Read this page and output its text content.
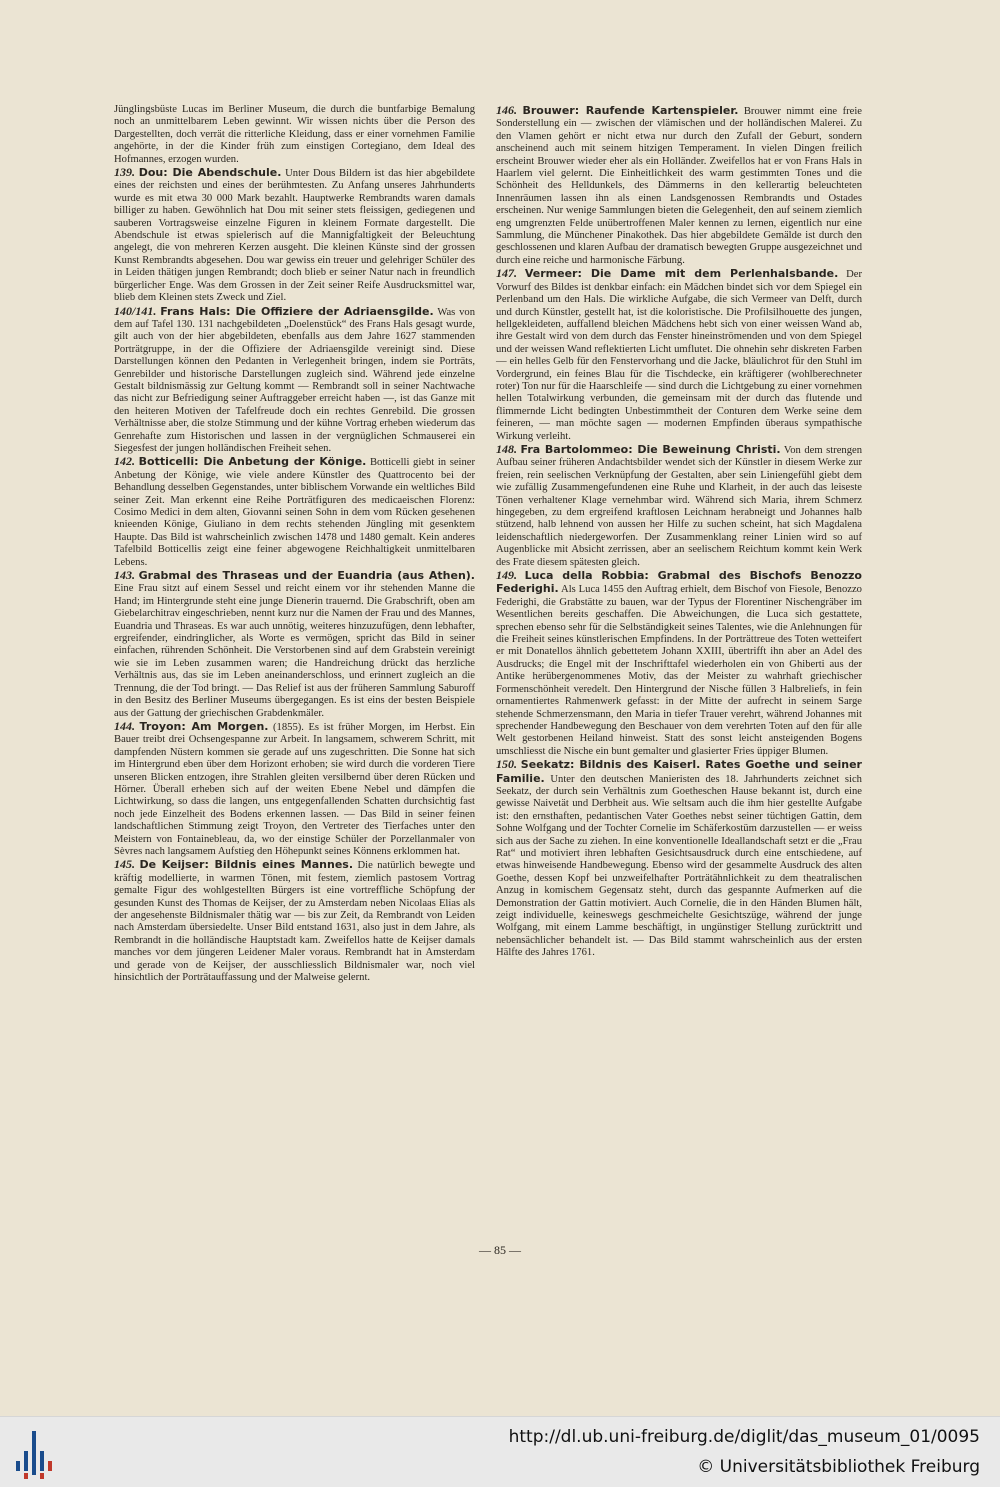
Jünglingsbüste Lucas im Berliner Museum, die durch die buntfarbige Bemalung noch an unmittelbarem Leben gewinnt. Wir wissen nichts über die Person des Dargestellten, doch verrät die ritterliche Kleidung, dass er einer vornehmen Familie angehörte, in der die Kinder früh zum einstigen Cortegiano, dem Ideal des Hofmannes, erzogen wurden.

139. Dou: Die Abendschule. Unter Dous Bildern ist das hier abgebildete eines der reichsten und eines der berühmtesten. Zu Anfang unseres Jahrhunderts wurde es mit etwa 30 000 Mark bezahlt. Hauptwerke Rembrandts waren damals billiger zu haben. Gewöhnlich hat Dou mit seiner stets fleissigen, gediegenen und sauberen Vortragsweise einzelne Figuren in kleinem Formate dargestellt. Die Abendschule ist etwas spielerisch auf die Mannigfaltigkeit der Beleuchtung angelegt, die von mehreren Kerzen ausgeht. Die kleinen Künste sind der grossen Kunst Rembrandts abgesehen. Dou war gewiss ein treuer und gelehriger Schüler des in Leiden thätigen jungen Rembrandt; doch blieb er seiner Natur nach in freundlich bürgerlicher Enge. Was dem Grossen in der Zeit seiner Reife Ausdrucksmittel war, blieb dem Kleinen stets Zweck und Ziel.

140/141. Frans Hals: Die Offiziere der Adriaensgilde. Was von dem auf Tafel 130. 131 nachgebildeten „Doelenstück“ des Frans Hals gesagt wurde, gilt auch von der hier abgebildeten, ebenfalls aus dem Jahre 1627 stammenden Porträtgruppe, in der die Offiziere der Adriaensgilde vereinigt sind. Diese Darstellungen können den Pedanten in Verlegenheit bringen, indem sie Porträts, Genrebilder und historische Darstellungen zugleich sind. Während jede einzelne Gestalt bildnismässig zur Geltung kommt — Rembrandt soll in seiner Nachtwache das nicht zur Befriedigung seiner Auftraggeber erreicht haben —, ist das Ganze mit den heiteren Motiven der Tafelfreude doch ein rechtes Genrebild. Die grossen Verhältnisse aber, die stolze Stimmung und der kühne Vortrag erheben wiederum das Genrehafte zum Historischen und lassen in der vergnüglichen Schmauserei ein Siegesfest der jungen holländischen Freiheit sehen.

142. Botticelli: Die Anbetung der Könige. Botticelli giebt in seiner Anbetung der Könige, wie viele andere Künstler des Quattrocento bei der Behandlung desselben Gegenstandes, unter biblischem Vorwande ein weltliches Bild seiner Zeit. Man erkennt eine Reihe Porträtfiguren des medicaeischen Florenz: Cosimo Medici in dem alten, Giovanni seinen Sohn in dem vom Rücken gesehenen knieenden Könige, Giuliano in dem rechts stehenden Jüngling mit gesenktem Haupte. Das Bild ist wahrscheinlich zwischen 1478 und 1480 gemalt. Kein anderes Tafelbild Botticellis zeigt eine feiner abgewogene Reichhaltigkeit unmittelbaren Lebens.

143. Grabmal des Thraseas und der Euandria (aus Athen). Eine Frau sitzt auf einem Sessel und reicht einem vor ihr stehenden Manne die Hand; im Hintergrunde steht eine junge Dienerin trauernd. Die Grabschrift, oben am Giebelarchitrav eingeschrieben, nennt kurz nur die Namen der Frau und des Mannes, Euandria und Thraseas. Es war auch unnötig, weiteres hinzuzufügen, denn lebhafter, ergreifender, eindringlicher, als Worte es vermögen, spricht das Bild in seiner einfachen, rührenden Schönheit. Die Verstorbenen sind auf dem Grabstein vereinigt wie sie im Leben zusammen waren; die Handreichung drückt das herzliche Verhältnis aus, das sie im Leben aneinanderschloss, und erinnert zugleich an die Trennung, die der Tod bringt. — Das Relief ist aus der früheren Sammlung Saburoff in den Besitz des Berliner Museums übergegangen. Es ist eins der besten Beispiele aus der Gattung der griechischen Grabdenkmäler.

144. Troyon: Am Morgen. (1855). Es ist früher Morgen, im Herbst. Ein Bauer treibt drei Ochsengespanne zur Arbeit. In langsamem, schwerem Schritt, mit dampfenden Nüstern kommen sie gerade auf uns zugeschritten. Die Sonne hat sich im Hintergrund eben über dem Horizont erhoben; sie wird durch die vorderen Tiere unseren Blicken entzogen, ihre Strahlen gleiten versilbernd über deren Rücken und Hörner. Überall erheben sich auf der weiten Ebene Nebel und dämpfen die Lichtwirkung, so dass die langen, uns entgegenfallenden Schatten durchsichtig fast noch jede Einzelheit des Bodens erkennen lassen. — Das Bild in seiner feinen landschaftlichen Stimmung zeigt Troyon, den Vertreter des Tierfaches unter den Meistern von Fontainebleau, da, wo der einstige Schüler der Porzellanmaler von Sèvres nach langsamem Aufstieg den Höhepunkt seines Könnens erklommen hat.

145. De Keijser: Bildnis eines Mannes. Die natürlich bewegte und kräftig modellierte, in warmen Tönen, mit festem, ziemlich pastosem Vortrag gemalte Figur des wohlgestellten Bürgers ist eine vortreffliche Schöpfung der gesunden Kunst des Thomas de Keijser, der zu Amsterdam neben Nicolaas Elias als der angesehenste Bildnismaler thätig war — bis zur Zeit, da Rembrandt von Leiden nach Amsterdam übersiedelte. Unser Bild entstand 1631, also just in dem Jahre, als Rembrandt in die holländische Hauptstadt kam. Zweifellos hatte de Keijser damals manches vor dem jüngeren Leidener Maler voraus. Rembrandt hat in Amsterdam und gerade von de Keijser, der ausschliesslich Bildnismaler war, noch viel hinsichtlich der Porträtauffassung und der Malweise gelernt.

146. Brouwer: Raufende Kartenspieler. Brouwer nimmt eine freie Sonderstellung ein — zwischen der vlämischen und der holländischen Malerei. Zu den Vlamen gehört er nicht etwa nur durch den Zufall der Geburt, sondern anscheinend auch mit seinem hitzigen Temperament. In vielen Dingen freilich erscheint Brouwer wieder eher als ein Holländer. Zweifellos hat er von Frans Hals in Haarlem viel gelernt. Die Einheitlichkeit des warm gestimmten Tones und die Schönheit des Helldunkels, des Dämmerns in den kellerartig beleuchteten Innenräumen lassen ihn als einen Landsgenossen Rembrandts und Ostades erscheinen. Nur wenige Sammlungen bieten die Gelegenheit, den auf seinem ziemlich eng umgrenzten Felde unübertroffenen Maler kennen zu lernen, eigentlich nur eine Sammlung, die Münchener Pinakothek. Das hier abgebildete Gemälde ist durch den geschlossenen und klaren Aufbau der dramatisch bewegten Gruppe ausgezeichnet und durch eine reiche und harmonische Färbung.

147. Vermeer: Die Dame mit dem Perlenhalsbande. Der Vorwurf des Bildes ist denkbar einfach: ein Mädchen bindet sich vor dem Spiegel ein Perlenband um den Hals. Die wirkliche Aufgabe, die sich Vermeer van Delft, durch und durch Künstler, gestellt hat, ist die koloristische. Die Profilsilhouette des jungen, hellgekleideten, auffallend bleichen Mädchens hebt sich von einer weissen Wand ab, ihre Gestalt wird von dem durch das Fenster hineinströmenden und von dem Spiegel und der weissen Wand reflektierten Licht umflutet. Die ohnehin sehr diskreten Farben — ein helles Gelb für den Fenstervorhang und die Jacke, bläulichrot für den Stuhl im Vordergrund, ein feines Blau für die Tischdecke, ein kräftigerer (wohlberechneter roter) Ton nur für die Haarschleife — sind durch die Lichtgebung zu einer vornehmen hellen Totalwirkung verbunden, die gemeinsam mit der durch das flutende und flimmernde Licht bedingten Unbestimmtheit der Conturen dem Werke seine dem feineren, — man möchte sagen — modernen Empfinden überaus sympathische Wirkung verleiht.

148. Fra Bartolommeo: Die Beweinung Christi. Von dem strengen Aufbau seiner früheren Andachtsbilder wendet sich der Künstler in diesem Werke zur freien, rein seelischen Verknüpfung der Gestalten, aber sein Liniengefühl giebt dem wie zufällig Zusammengefundenen eine Ruhe und Klarheit, in der auch das leiseste Tönen verhaltener Klage vernehmbar wird. Während sich Maria, ihrem Schmerz hingegeben, zu dem ergreifend kraftlosen Leichnam herabneigt und Johannes halb stützend, halb lehnend von aussen her Hilfe zu suchen scheint, hat sich Magdalena leidenschaftlich niedergeworfen. Der Zusammenklang reiner Linien wird so auf Augenblicke mit Absicht zerrissen, aber an seelischem Reichtum kommt kein Werk des Frate diesem spätesten gleich.

149. Luca della Robbia: Grabmal des Bischofs Benozzo Federighi. Als Luca 1455 den Auftrag erhielt, dem Bischof von Fiesole, Benozzo Federighi, die Grabstätte zu bauen, war der Typus der Florentiner Nischengräber im Wesentlichen bereits geschaffen. Die Abweichungen, die Luca sich gestattete, sprechen ebenso sehr für die Selbständigkeit seines Talentes, wie die Anlehnungen für die Freiheit seines künstlerischen Empfindens. In der Porträttreue des Toten wetteifert er mit Donatellos ähnlich gebettetem Johann XXIII, übertrifft ihn aber an Adel des Ausdrucks; die Engel mit der Inschrifttafel wiederholen ein von Ghiberti aus der Antike herübergenommenes Motiv, das der Meister zu wahrhaft griechischer Formenschönheit veredelt. Den Hintergrund der Nische füllen 3 Halbreliefs, in fein ornamentiertes Rahmenwerk gefasst: in der Mitte der aufrecht in seinem Sarge stehende Schmerzensmann, den Maria in tiefer Trauer verehrt, während Johannes mit sprechender Handbewegung den Beschauer von dem verehrten Toten auf den für alle Welt gestorbenen Heiland hinweist. Statt des sonst leicht ansteigenden Bogens umschliesst die Nische ein bunt gemalter und glasierter Fries üppiger Blumen.

150. Seekatz: Bildnis des Kaiserl. Rates Goethe und seiner Familie. Unter den deutschen Manieristen des 18. Jahrhunderts zeichnet sich Seekatz, der durch sein Verhältnis zum Goetheschen Hause bekannt ist, durch eine gewisse Naivetät und Derbheit aus. Wie seltsam auch die ihm hier gestellte Aufgabe ist: den ernsthaften, pedantischen Vater Goethes nebst seiner tüchtigen Gattin, dem Sohne Wolfgang und der Tochter Cornelie im Schäferkostüm darzustellen — er weiss sich aus der Sache zu ziehen. In eine konventionelle Ideallandschaft setzt er die „Frau Rat“ und motiviert ihren lebhaften Gesichtsausdruck durch eine entschiedene, auf etwas hinweisende Handbewegung. Ebenso wird der gesammelte Ausdruck des alten Goethe, dessen Kopf bei unzweifelhafter Porträtähnlichkeit zu dem theatralischen Anzug in komischem Gegensatz steht, durch das gespannte Aufmerken auf die Demonstration der Gattin motiviert. Auch Cornelie, die in den Händen Blumen hält, zeigt individuelle, keineswegs geschmeichelte Gesichtszüge, während der junge Wolfgang, mit einem Lamme beschäftigt, in ungünstiger Stellung zurücktritt und nebensächlicher behandelt ist. — Das Bild stammt wahrscheinlich aus der ersten Hälfte des Jahres 1761.

— 85 —
http://dl.ub.uni-freiburg.de/diglit/das_museum_01/0095
© Universitätsbibliothek Freiburg
